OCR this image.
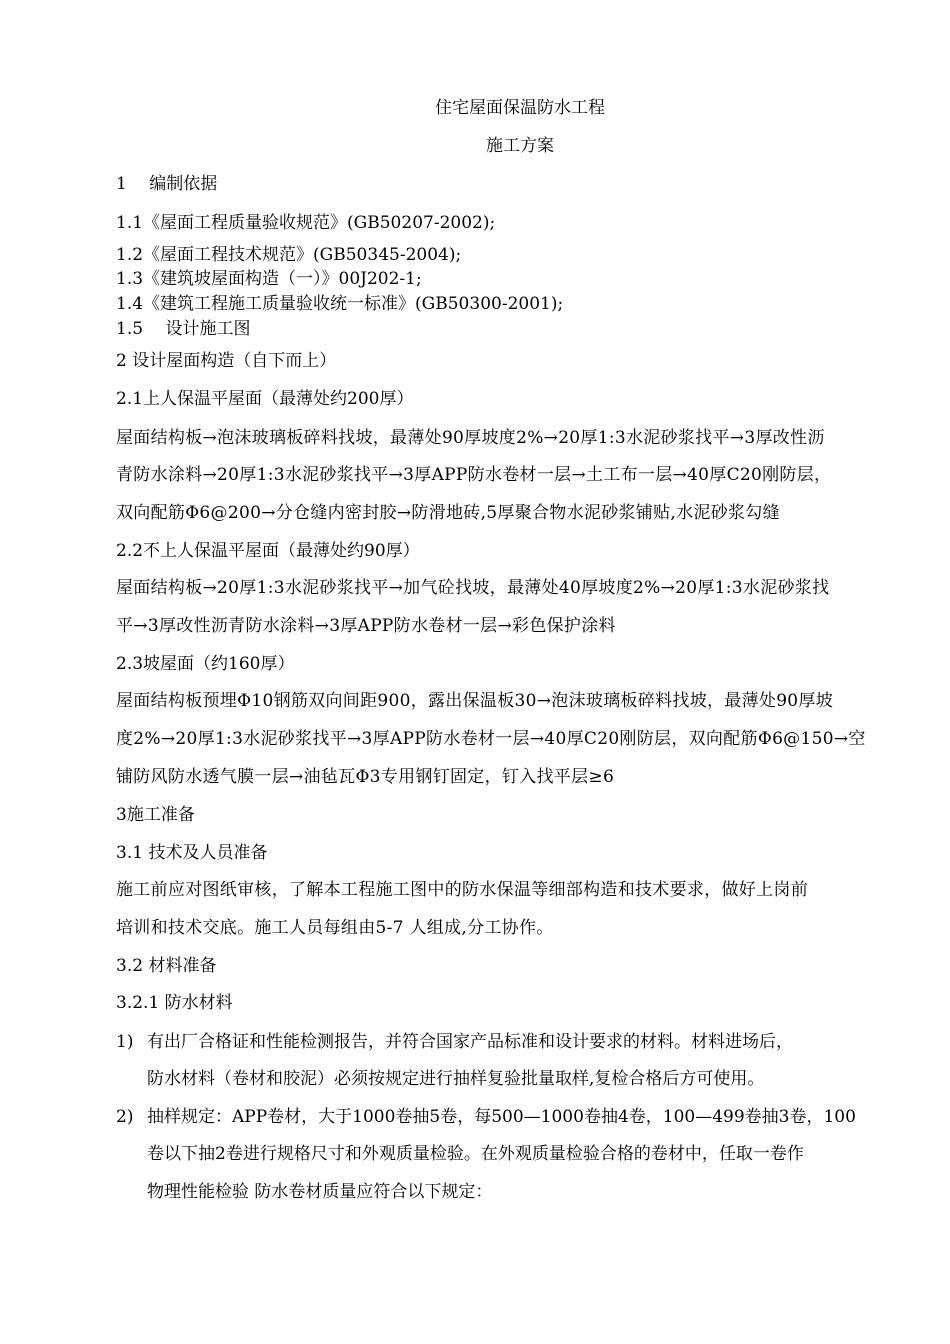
住宅屋面保温防水工程
施工方案
1　 编制依据
1.1《屋面工程质量验收规范》(GB50207-2002);
1.2《屋面工程技术规范》(GB50345-2004);
1.3《建筑坡屋面构造（一）》00J202-1;
1.4《建筑工程施工质量验收统一标准》(GB50300-2001);
1.5　 设计施工图
2 设计屋面构造（自下而上）
2.1上人保温平屋面（最薄处约200厚）
屋面结构板→泡沫玻璃板碎料找坡，最薄处90厚坡度2%→20厚1:3水泥砂浆找平→3厚改性沥
青防水涂料→20厚1:3水泥砂浆找平→3厚APP防水卷材一层→土工布一层→40厚C20刚防层，
双向配筋Φ6@200→分仓缝内密封胶→防滑地砖,5厚聚合物水泥砂浆铺贴,水泥砂浆勾缝
2.2不上人保温平屋面（最薄处约90厚）
屋面结构板→20厚1:3水泥砂浆找平→加气砼找坡，最薄处40厚坡度2%→20厚1:3水泥砂浆找
平→3厚改性沥青防水涂料→3厚APP防水卷材一层→彩色保护涂料
2.3坡屋面（约160厚）
屋面结构板预埋Φ10钢筋双向间距900，露出保温板30→泡沫玻璃板碎料找坡，最薄处90厚坡
度2%→20厚1:3水泥砂浆找平→3厚APP防水卷材一层→40厚C20刚防层，双向配筋Φ6@150→空
铺防风防水透气膜一层→油毡瓦Φ3专用钢钉固定，钉入找平层≥6
3施工准备
3.1 技术及人员准备
施工前应对图纸审核，了解本工程施工图中的防水保温等细部构造和技术要求，做好上岗前
培训和技术交底。施工人员每组由5-7 人组成,分工协作。
3.2 材料准备
3.2.1 防水材料
1) 有出厂合格证和性能检测报告，并符合国家产品标准和设计要求的材料。材料进场后，
防水材料（卷材和胶泥）必须按规定进行抽样复验批量取样,复检合格后方可使用。
2) 抽样规定：APP卷材，大于1000卷抽5卷，每500—1000卷抽4卷，100—499卷抽3卷，100
卷以下抽2卷进行规格尺寸和外观质量检验。在外观质量检验合格的卷材中，任取一卷作
物理性能检验 防水卷材质量应符合以下规定：
